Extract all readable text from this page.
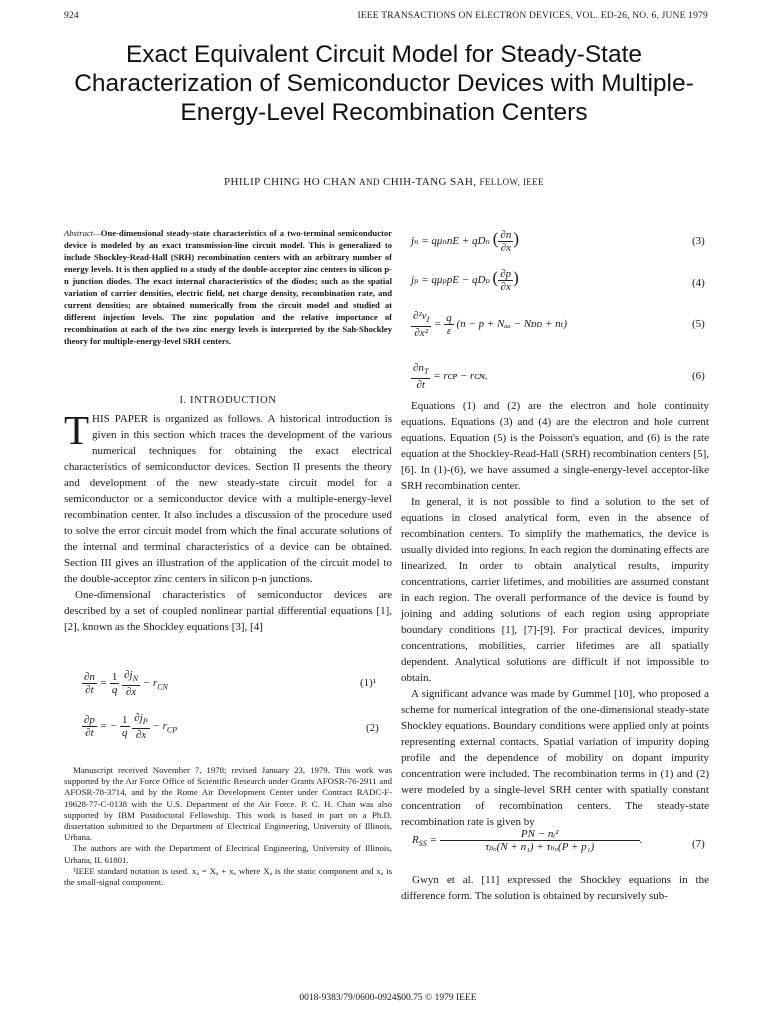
924	IEEE TRANSACTIONS ON ELECTRON DEVICES, VOL. ED-26, NO. 6, JUNE 1979
Exact Equivalent Circuit Model for Steady-State Characterization of Semiconductor Devices with Multiple-Energy-Level Recombination Centers
PHILIP CHING HO CHAN AND CHIH-TANG SAH, FELLOW, IEEE
Abstract—One-dimensional steady-state characteristics of a two-terminal semiconductor device is modeled by an exact transmission-line circuit model. This is generalized to include Shockley-Read-Hall (SRH) recombination centers with an arbitrary number of energy levels. It is then applied to a study of the double-acceptor zinc centers in silicon p-n junction diodes. The exact internal characteristics of the diodes; such as the spatial variation of carrier densities, electric field, net charge density, recombination rate, and current densities; are obtained numerically from the circuit model and studied at different injection levels. The zinc population and the relative importance of recombination at each of the two zinc energy levels is interpreted by the Sah-Shockley theory for multiple-energy-level SRH centers.
I. INTRODUCTION

THIS PAPER is organized as follows. A historical introduction is given in this section which traces the development of the various numerical techniques for obtaining the exact electrical characteristics of semiconductor devices. Section II presents the theory and development of the new steady-state circuit model for a semiconductor or a semiconductor device with a multiple-energy-level recombination center. It also includes a discussion of the procedure used to solve the error circuit model from which the final accurate solutions of the internal and terminal characteristics of a device can be obtained. Section III gives an illustration of the application of the circuit model to the double-acceptor zinc centers in silicon p-n junctions.

One-dimensional characteristics of semiconductor devices are described by a set of coupled nonlinear partial differential equations [1], [2], known as the Shockley equations [3], [4]

$\frac{\partial n}{\partial t} = \frac{1}{q}$
$\frac{\partial j_N}{\partial x} - r_{CN}$	(1)¹
$\frac{\partial p}{\partial t}$ = − $\frac{1}{q}$
$\frac{\partial j_P}{\partial x} - r_{CP}$	(2)

Manuscript received November 7, 1978; revised January 23, 1979. This work was supported by the Air Force Office of Scientific Research under Grants AFOSR-76-2911 and AFOSR-78-3714, and by the Rome Air Development Center under Contract RADC-F-19628-77-C-0138 with the U.S. Department of the Air Force. P. C. H. Chan was also supported by IBM Postdoctoral Fellowship. This work is based in part on a Ph.D. dissertation submitted to the Department of Electrical Engineering, University of Illinois, Urbana.

The authors are with the Department of Electrical Engineering, University of Illinois, Urbana, IL 61801.

¹IEEE standard notation is used. xₐ = Xₐ + xₐ where Xₐ is the static component and xₐ is the small-signal component.

jₙ = qμₙnE + qDₙ ( $\frac{\partial n}{\partial x}$ )	(3)
jₚ = qμₚpE − qDₚ ( $\frac{\partial p}{\partial x}$ )	(4)
$\frac{\partial^2v_I}{\text{∂x²}} = \frac{q}{\varepsilon} (n - p + N_{aa}$ − Nᴅᴅ + nₜ)	(5)
$\frac{\partial n_T}{\partial t}$ = rᴄᴘ − rᴄɴ.	(6)

Equations (1) and (2) are the electron and hole continuity equations. Equations (3) and (4) are the electron and hole current equations. Equation (5) is the Poisson's equation, and (6) is the rate equation at the Shockley-Read-Hall (SRH) recombination centers [5], [6]. In (1)-(6), we have assumed a single-energy-level acceptor-like SRH recombination center.

In general, it is not possible to find a solution to the set of equations in closed analytical form, even in the absence of recombination centers. To simplify the mathematics, the device is usually divided into regions. In each region the dominating effects are linearized. In order to obtain analytical results, impurity concentrations, carrier lifetimes, and mobilities are assumed constant in each region. The overall performance of the device is found by joining and adding solutions of each region using appropriate boundary conditions [1], [7]-[9]. For practical devices, impurity concentrations, mobilities, carrier lifetimes are all spatially dependent. Analytical solutions are difficult if not impossible to obtain.

A significant advance was made by Gummel [10], who proposed a scheme for numerical integration of the one-dimensional steady-state Shockley equations. Boundary conditions were applied only at points representing external contacts. Spatial variation of impurity doping profile and the dependence of mobility on dopant impurity concentration were included. The recombination terms in (1) and (2) were modeled by a single-level SRH center with spatially constant concentration of recombination centers. The steady-state recombination rate is given by

$R_{SS} = \frac{\text{PN − nᵢ²}}{\text{τₚₒ(N + n₁) + τₙₒ(P + p₁)}}$ .	(7)

Gwyn et al. [11] expressed the Shockley equations in the difference form. The solution is obtained by recursively sub-

0018-9383/79/0600-0924$00.75 © 1979 IEEE
